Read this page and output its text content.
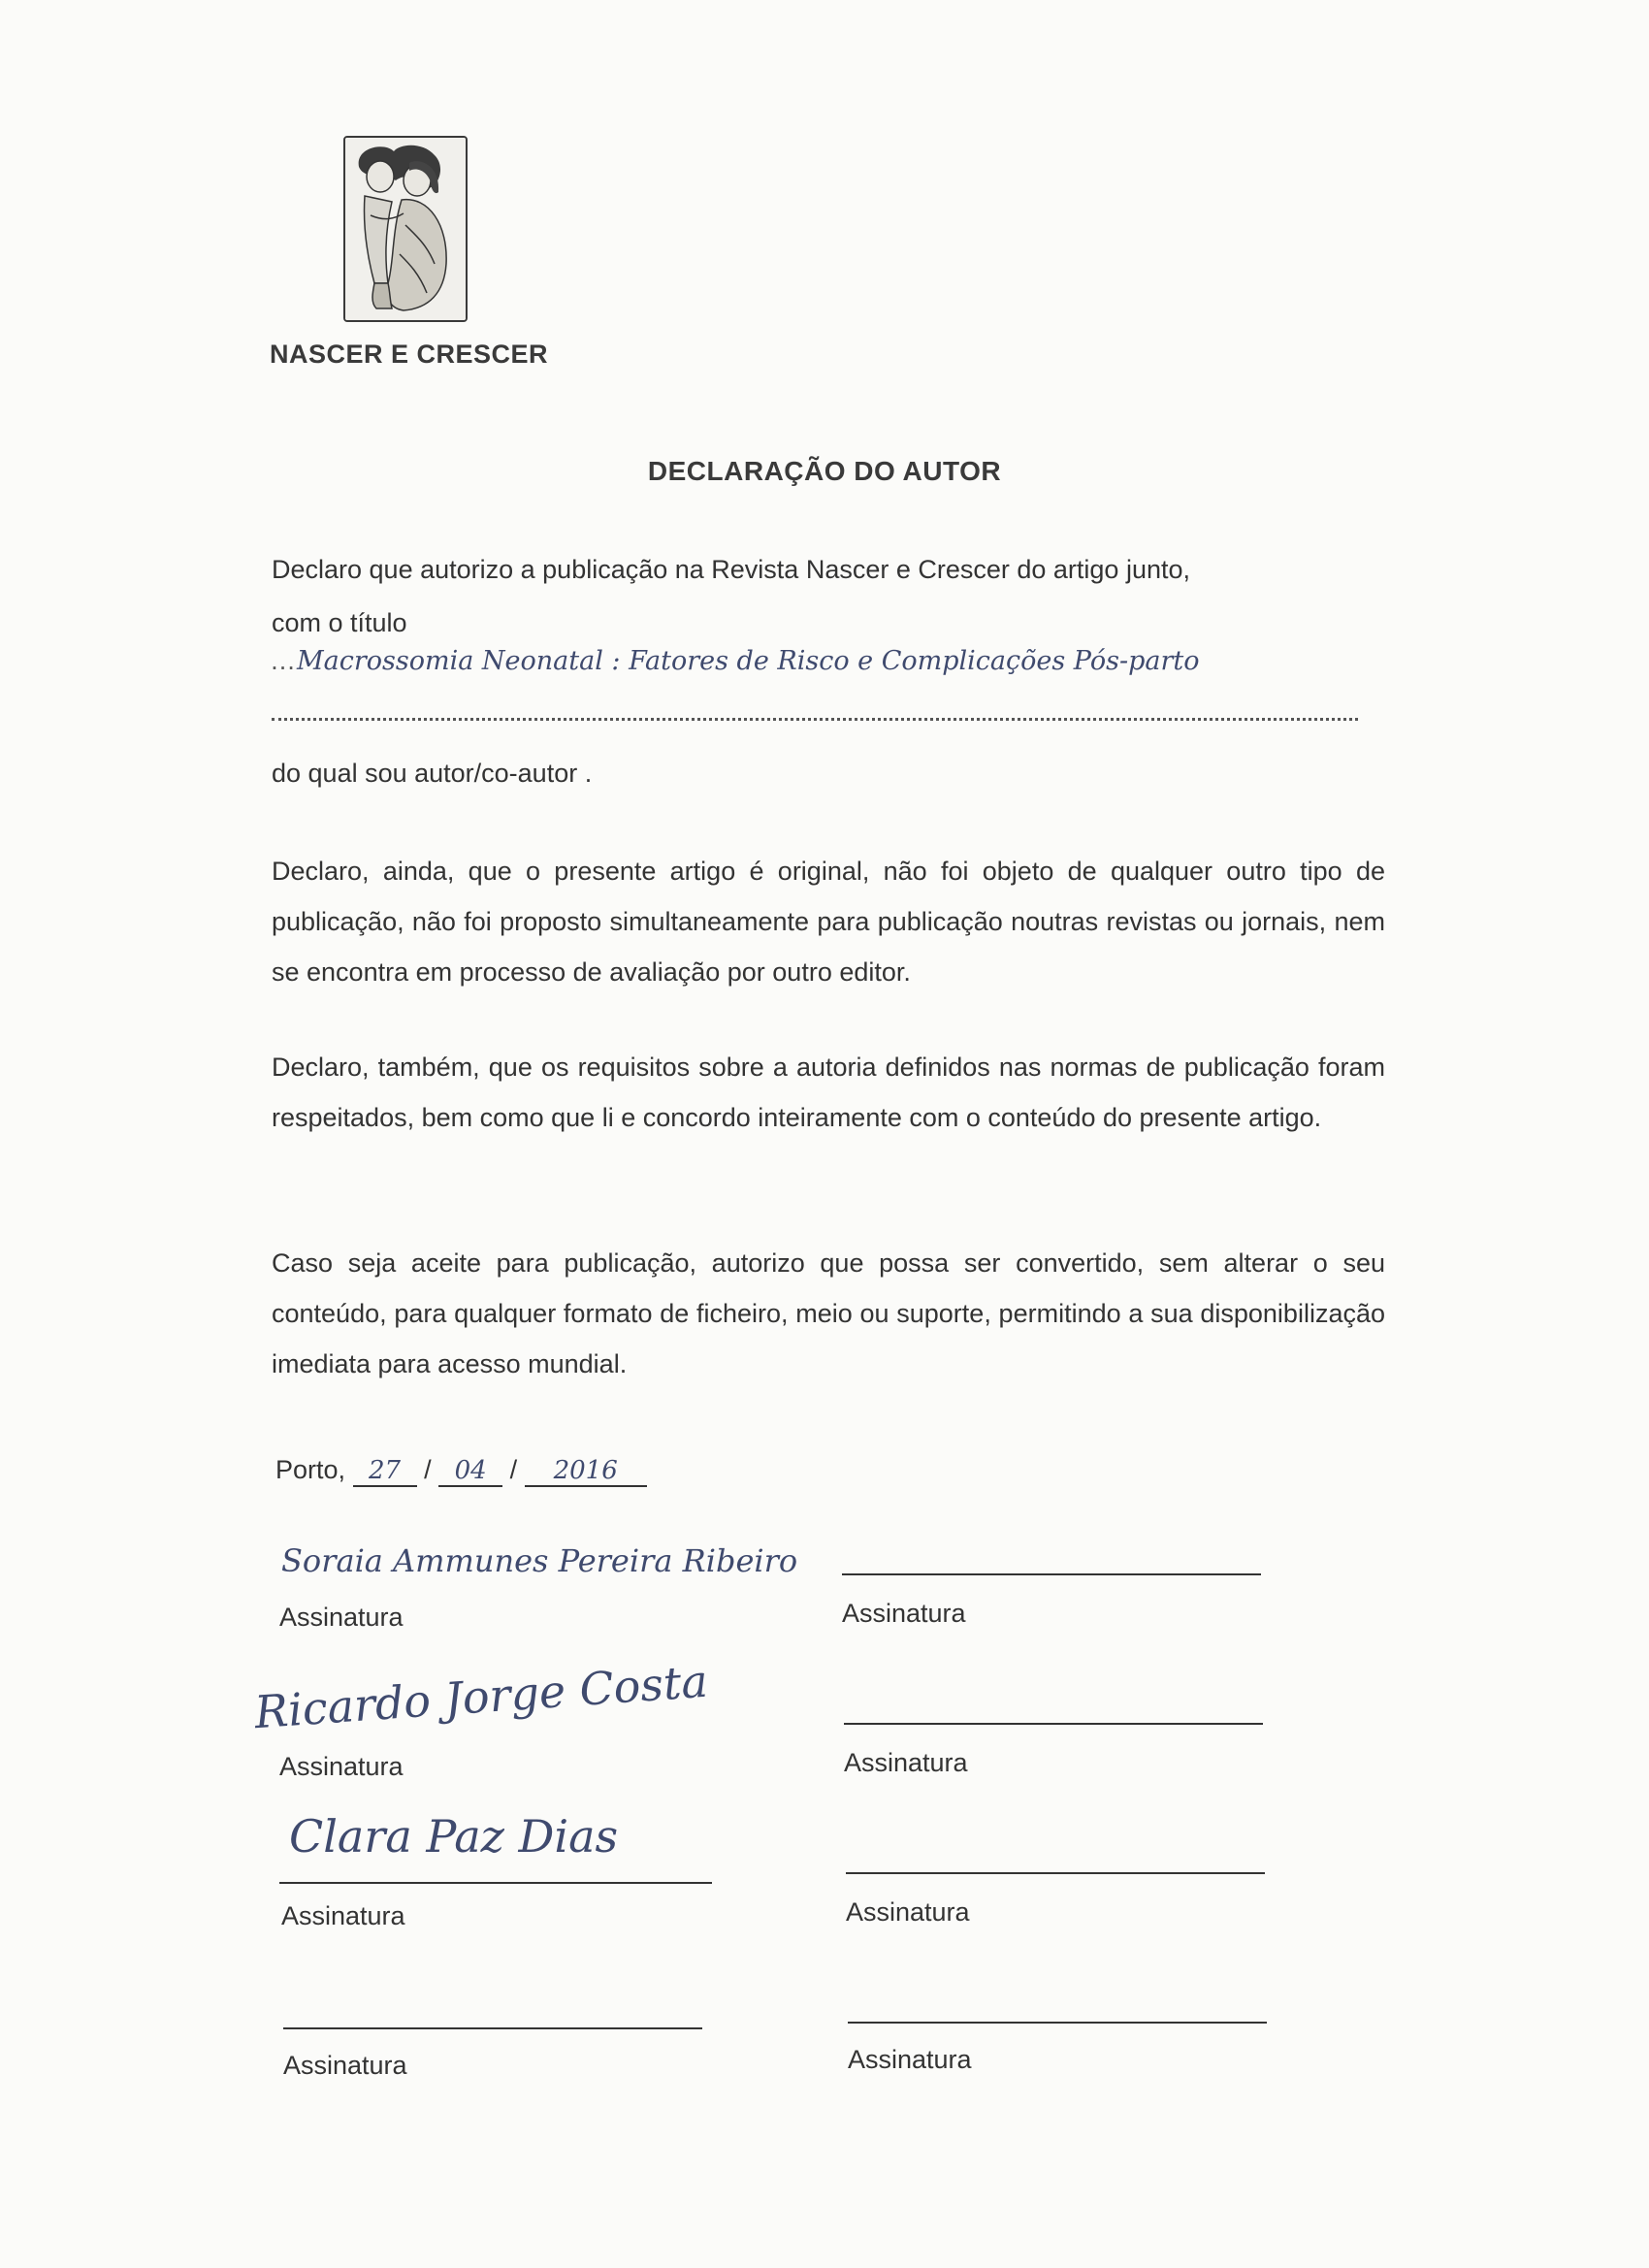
NASCER E CRESCER
DECLARAÇÃO DO AUTOR
Declaro que autorizo a publicação na Revista Nascer e Crescer do artigo junto,
com o título
…Macrossomia Neonatal : Fatores de Risco e Complicações Pós-parto
do qual sou autor/co-autor .
Declaro, ainda, que o presente artigo é original, não foi objeto de qualquer outro tipo de publicação, não foi proposto simultaneamente para publicação noutras revistas ou jornais, nem se encontra em processo de avaliação por outro editor.
Declaro, também, que os requisitos sobre a autoria definidos nas normas de publicação foram respeitados, bem como que li e concordo inteiramente com o conteúdo do presente artigo.
Caso seja aceite para publicação, autorizo que possa ser convertido, sem alterar o seu conteúdo, para qualquer formato de ficheiro, meio ou suporte, permitindo a sua disponibilização imediata para acesso mundial.
Porto, 27 / 04 / 2016
Soraia Ammunes Pereira Ribeiro
Assinatura
Ricardo Jorge Costa
Assinatura
Clara Paz Dias
Assinatura
Assinatura
Assinatura
Assinatura
Assinatura
Assinatura
